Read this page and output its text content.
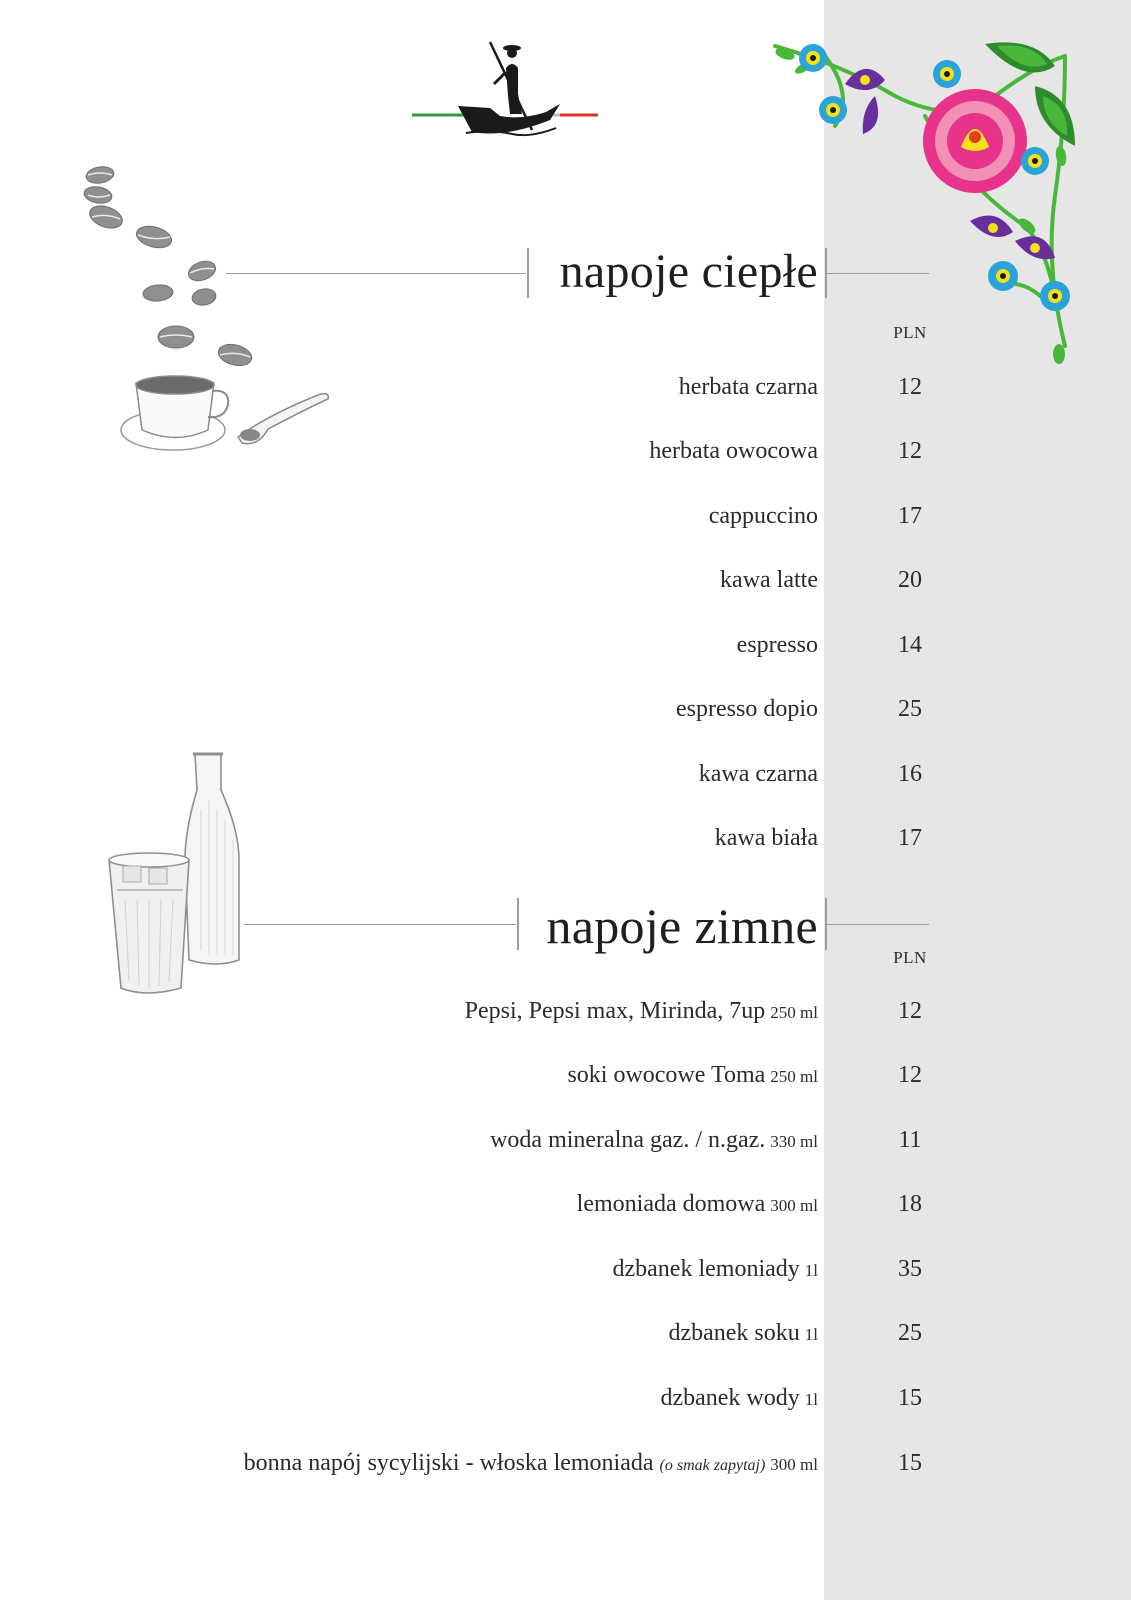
napoje ciepłe
PLN
herbata czarna	12
herbata owocowa	12
cappuccino	17
kawa latte	20
espresso	14
espresso dopio	25
kawa czarna	16
kawa biała	17
napoje zimne
PLN
Pepsi, Pepsi max, Mirinda, 7up 250 ml	12
soki owocowe Toma 250 ml	12
woda mineralna gaz. / n.gaz. 330 ml	11
lemoniada domowa 300 ml	18
dzbanek lemoniady 1l	35
dzbanek soku 1l	25
dzbanek wody 1l	15
bonna napój sycylijski - włoska lemoniada (o smak zapytaj) 300 ml	15
